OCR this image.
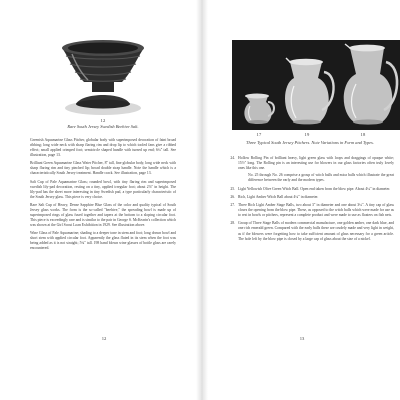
12
Rare South Jersey Swedish Beehive Salt.

Greenish Aquamarine Glass Pitcher, globular body with superimposed decoration of faint broad ribbing; long wide neck with sharp flaring rim and drop lip to which tooled fans give a ribbed effect; small applied crimped foot; semicircle shaped handle with turned up end; 6¼" tall. See illustration, page 13.

Brilliant Green Aquamarine Glass Water Pitcher, 8" tall, fine globular body, long wide neck with sharp flaring rim and tiny pinched lip; broad double strap handle. Note the handle which is a characteristically South Jersey treatment. Handle crack. See illustration, page 13.

Salt Cup of Pale Aquamarine Glass; rounded bowl, with tiny flaring rim and superimposed swedish lily-pad decoration, resting on a tiny, applied irregular foot; about 2⅛" in height. The lily-pad has the sheet more interesting in tiny Swedish pad, a type particularly characteristic of the South Jersey glass. This piece is very choice.

Rare Salt Cup of Heavy, Dense Sapphire Blue Glass of the color and quality typical of South Jersey glass works. The form is the so-called "beehive," the spreading bowl is made up of superimposed rings of glass fused together and tapers at the bottom to a sloping circular foot. This piece is exceedingly rare and is similar to the pair in George S. McKearin's collection which was shown at the Girl Scout Loan Exhibition in 1929. See illustration above.

Wine Glass of Pale Aquamarine; shading to a deeper tone in stem and foot; long drawn bowl and short stem with applied circular foot. Apparently the glass fluted in its stem when the foot was being added as it is not straight; 5¼" tall. 198 hand blown wine glasses of bottle glass are rarely encountered.

12
17	19	18
Three Typical South Jersey Pitchers. Note Variations in Form and Types.
24. Hollow Rolling Pin of brilliant heavy, light green glass with loops and draggings of opaque white; 15½" long. The Rolling pin is an interesting use for blowers in our glass factories often truly lovely ones like this one.
No. 25 through No. 26 comprise a group of witch balls and mica balls which illustrate the great difference between the early and the modern types.
25. Light Yellowish Olive Green Witch Ball. Open end taken from the blow pipe. About 4¼" in diameter.
26. Rich, Light Amber Witch Ball about 4¼" in diameter.
27. Three Rich Light Amber Stage Balls, two about 3" in diameter and one about 3¼". A tiny cap of glass closes the opening from the blow pipe. These, as opposed to the witch balls which were made for use as to rest in bowls or pitchers, represent a complete product and were made to use as floaters on fish nets.
28. Group of Three Stage Balls of modern commercial manufacture, one golden amber, one dark blue, and one rich emerald green. Compared with the early balls these are crudely made and very light in weight, as if the blowers were forgetting how to take sufficient amount of glass necessary for a green article. The hole left by the blow pipe is closed by a large cap of glass about the size of a nickel.
13
